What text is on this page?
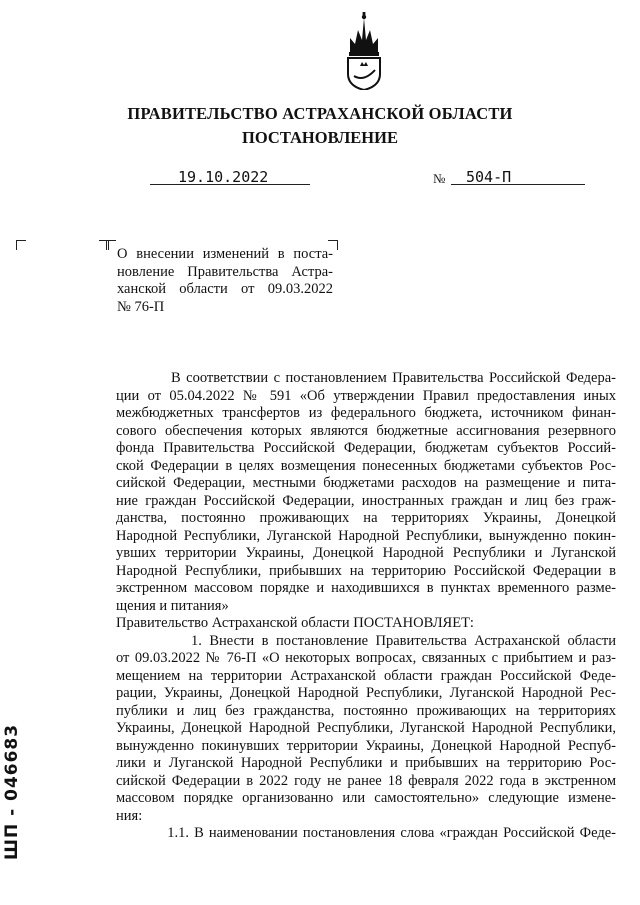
ПРАВИТЕЛЬСТВО АСТРАХАНСКОЙ ОБЛАСТИ
ПОСТАНОВЛЕНИЕ
19.10.2022	№ 504-П
О внесении изменений в поста-
новление Правительства Астра-
ханской области от 09.03.2022
№ 76-П
В соответствии с постановлением Правительства Российской Федера-
ции от 05.04.2022 № 591 «Об утверждении Правил предоставления иных
межбюджетных трансфертов из федерального бюджета, источником финан-
сового обеспечения которых являются бюджетные ассигнования резервного
фонда Правительства Российской Федерации, бюджетам субъектов Россий-
ской Федерации в целях возмещения понесенных бюджетами субъектов Рос-
сийской Федерации, местными бюджетами расходов на размещение и пита-
ние граждан Российской Федерации, иностранных граждан и лиц без граж-
данства, постоянно проживающих на территориях Украины, Донецкой
Народной Республики, Луганской Народной Республики, вынужденно покин-
увших территории Украины, Донецкой Народной Республики и Луганской
Народной Республики, прибывших на территорию Российской Федерации в
экстренном массовом порядке и находившихся в пунктах временного разме-
щения и питания»
Правительство Астраханской области ПОСТАНОВЛЯЕТ:
1. Внести в постановление Правительства Астраханской области
от 09.03.2022 № 76-П «О некоторых вопросах, связанных с прибытием и раз-
мещением на территории Астраханской области граждан Российской Феде-
рации, Украины, Донецкой Народной Республики, Луганской Народной Рес-
публики и лиц без гражданства, постоянно проживающих на территориях
Украины, Донецкой Народной Республики, Луганской Народной Республики,
вынужденно покинувших территории Украины, Донецкой Народной Респуб-
лики и Луганской Народной Республики и прибывших на территорию Рос-
сийской Федерации в 2022 году не ранее 18 февраля 2022 года в экстренном
массовом порядке организованно или самостоятельно» следующие измене-
ния:
1.1. В наименовании постановления слова «граждан Российской Феде-
ШП - 046683
